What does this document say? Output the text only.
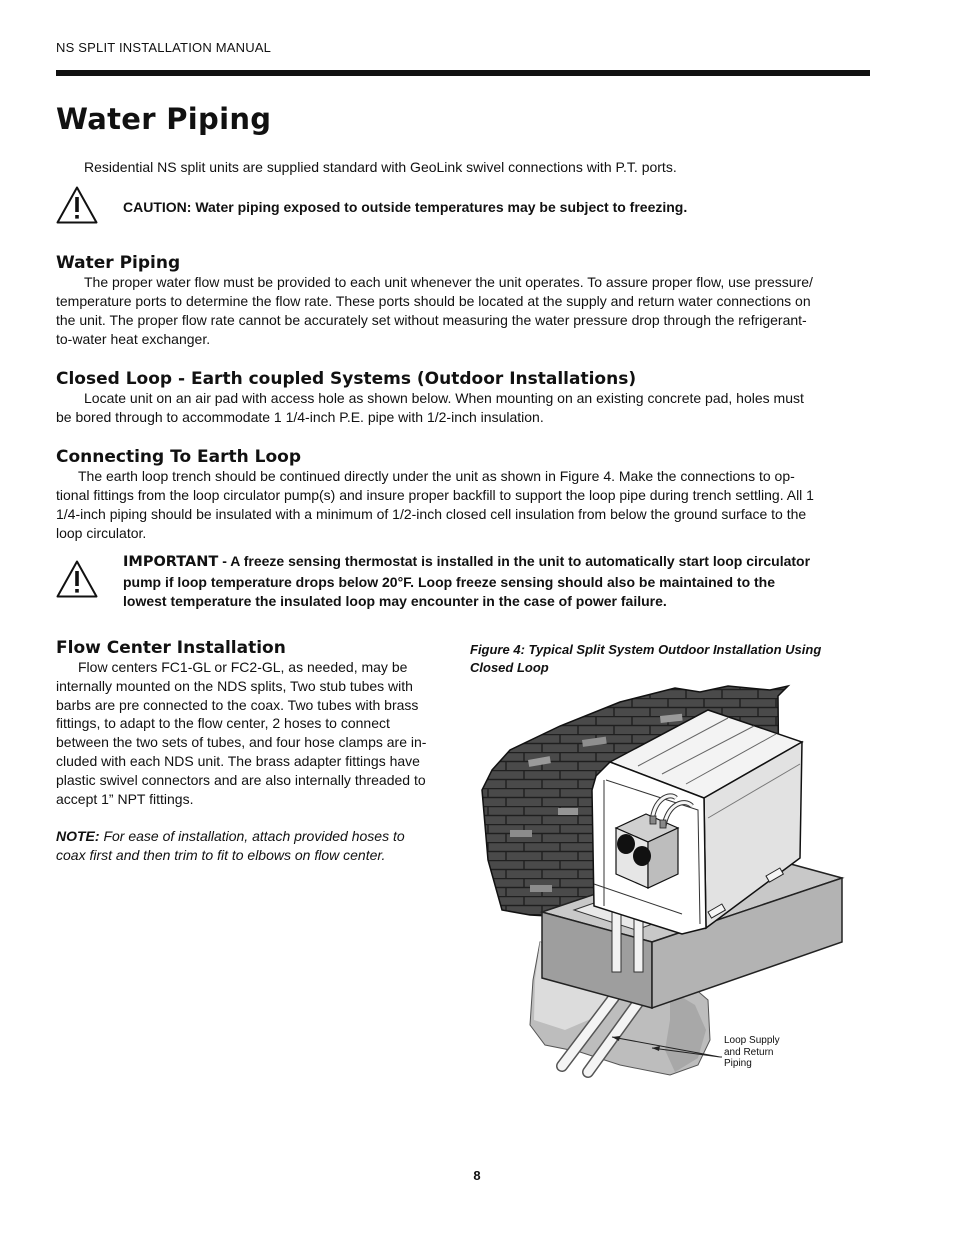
NS SPLIT INSTALLATION MANUAL
Water Piping
Residential NS split units are supplied standard with GeoLink swivel connections with P.T. ports.
CAUTION: Water piping exposed to outside temperatures may be subject to freezing.
Water Piping
The proper water flow must be provided to each unit whenever the unit operates. To assure proper flow, use pressure/
temperature ports to determine the flow rate. These ports should be located at the supply and return water connections on
the unit. The proper flow rate cannot be accurately set without measuring the water pressure drop through the refrigerant-
to-water heat exchanger.
Closed Loop - Earth coupled Systems (Outdoor Installations)
Locate unit on an air pad with access hole as shown below. When mounting on an existing concrete pad, holes must
be bored through to accommodate 1 1/4-inch P.E. pipe with 1/2-inch insulation.
Connecting To Earth Loop
The earth loop trench should be continued directly under the unit as shown in Figure 4. Make the connections to op-
tional fittings from the loop circulator pump(s) and insure proper backfill to support the loop pipe during trench settling. All 1
1/4-inch piping should be insulated with a minimum of 1/2-inch closed cell insulation from below the ground surface to the
loop circulator.
IMPORTANT - A freeze sensing thermostat is installed in the unit to automatically start loop circulator
pump if loop temperature drops below 20°F. Loop freeze sensing should also be maintained to the
lowest temperature the insulated loop may encounter in the case of power failure.
Flow Center Installation
Flow centers FC1-GL or FC2-GL, as needed, may be
internally mounted on the NDS splits, Two stub tubes with
barbs are pre connected to the coax. Two tubes with brass
fittings, to adapt to the flow center, 2 hoses to connect
between the two sets of tubes, and four hose clamps are in-
cluded with each NDS unit. The brass adapter fittings have
plastic swivel connectors and are also internally threaded to
accept 1” NPT fittings.
NOTE: For ease of installation, attach provided hoses to
coax first and then trim to fit to elbows on flow center.
Figure 4: Typical Split System Outdoor Installation Using
Closed Loop
Loop Supply
and Return
Piping
8
